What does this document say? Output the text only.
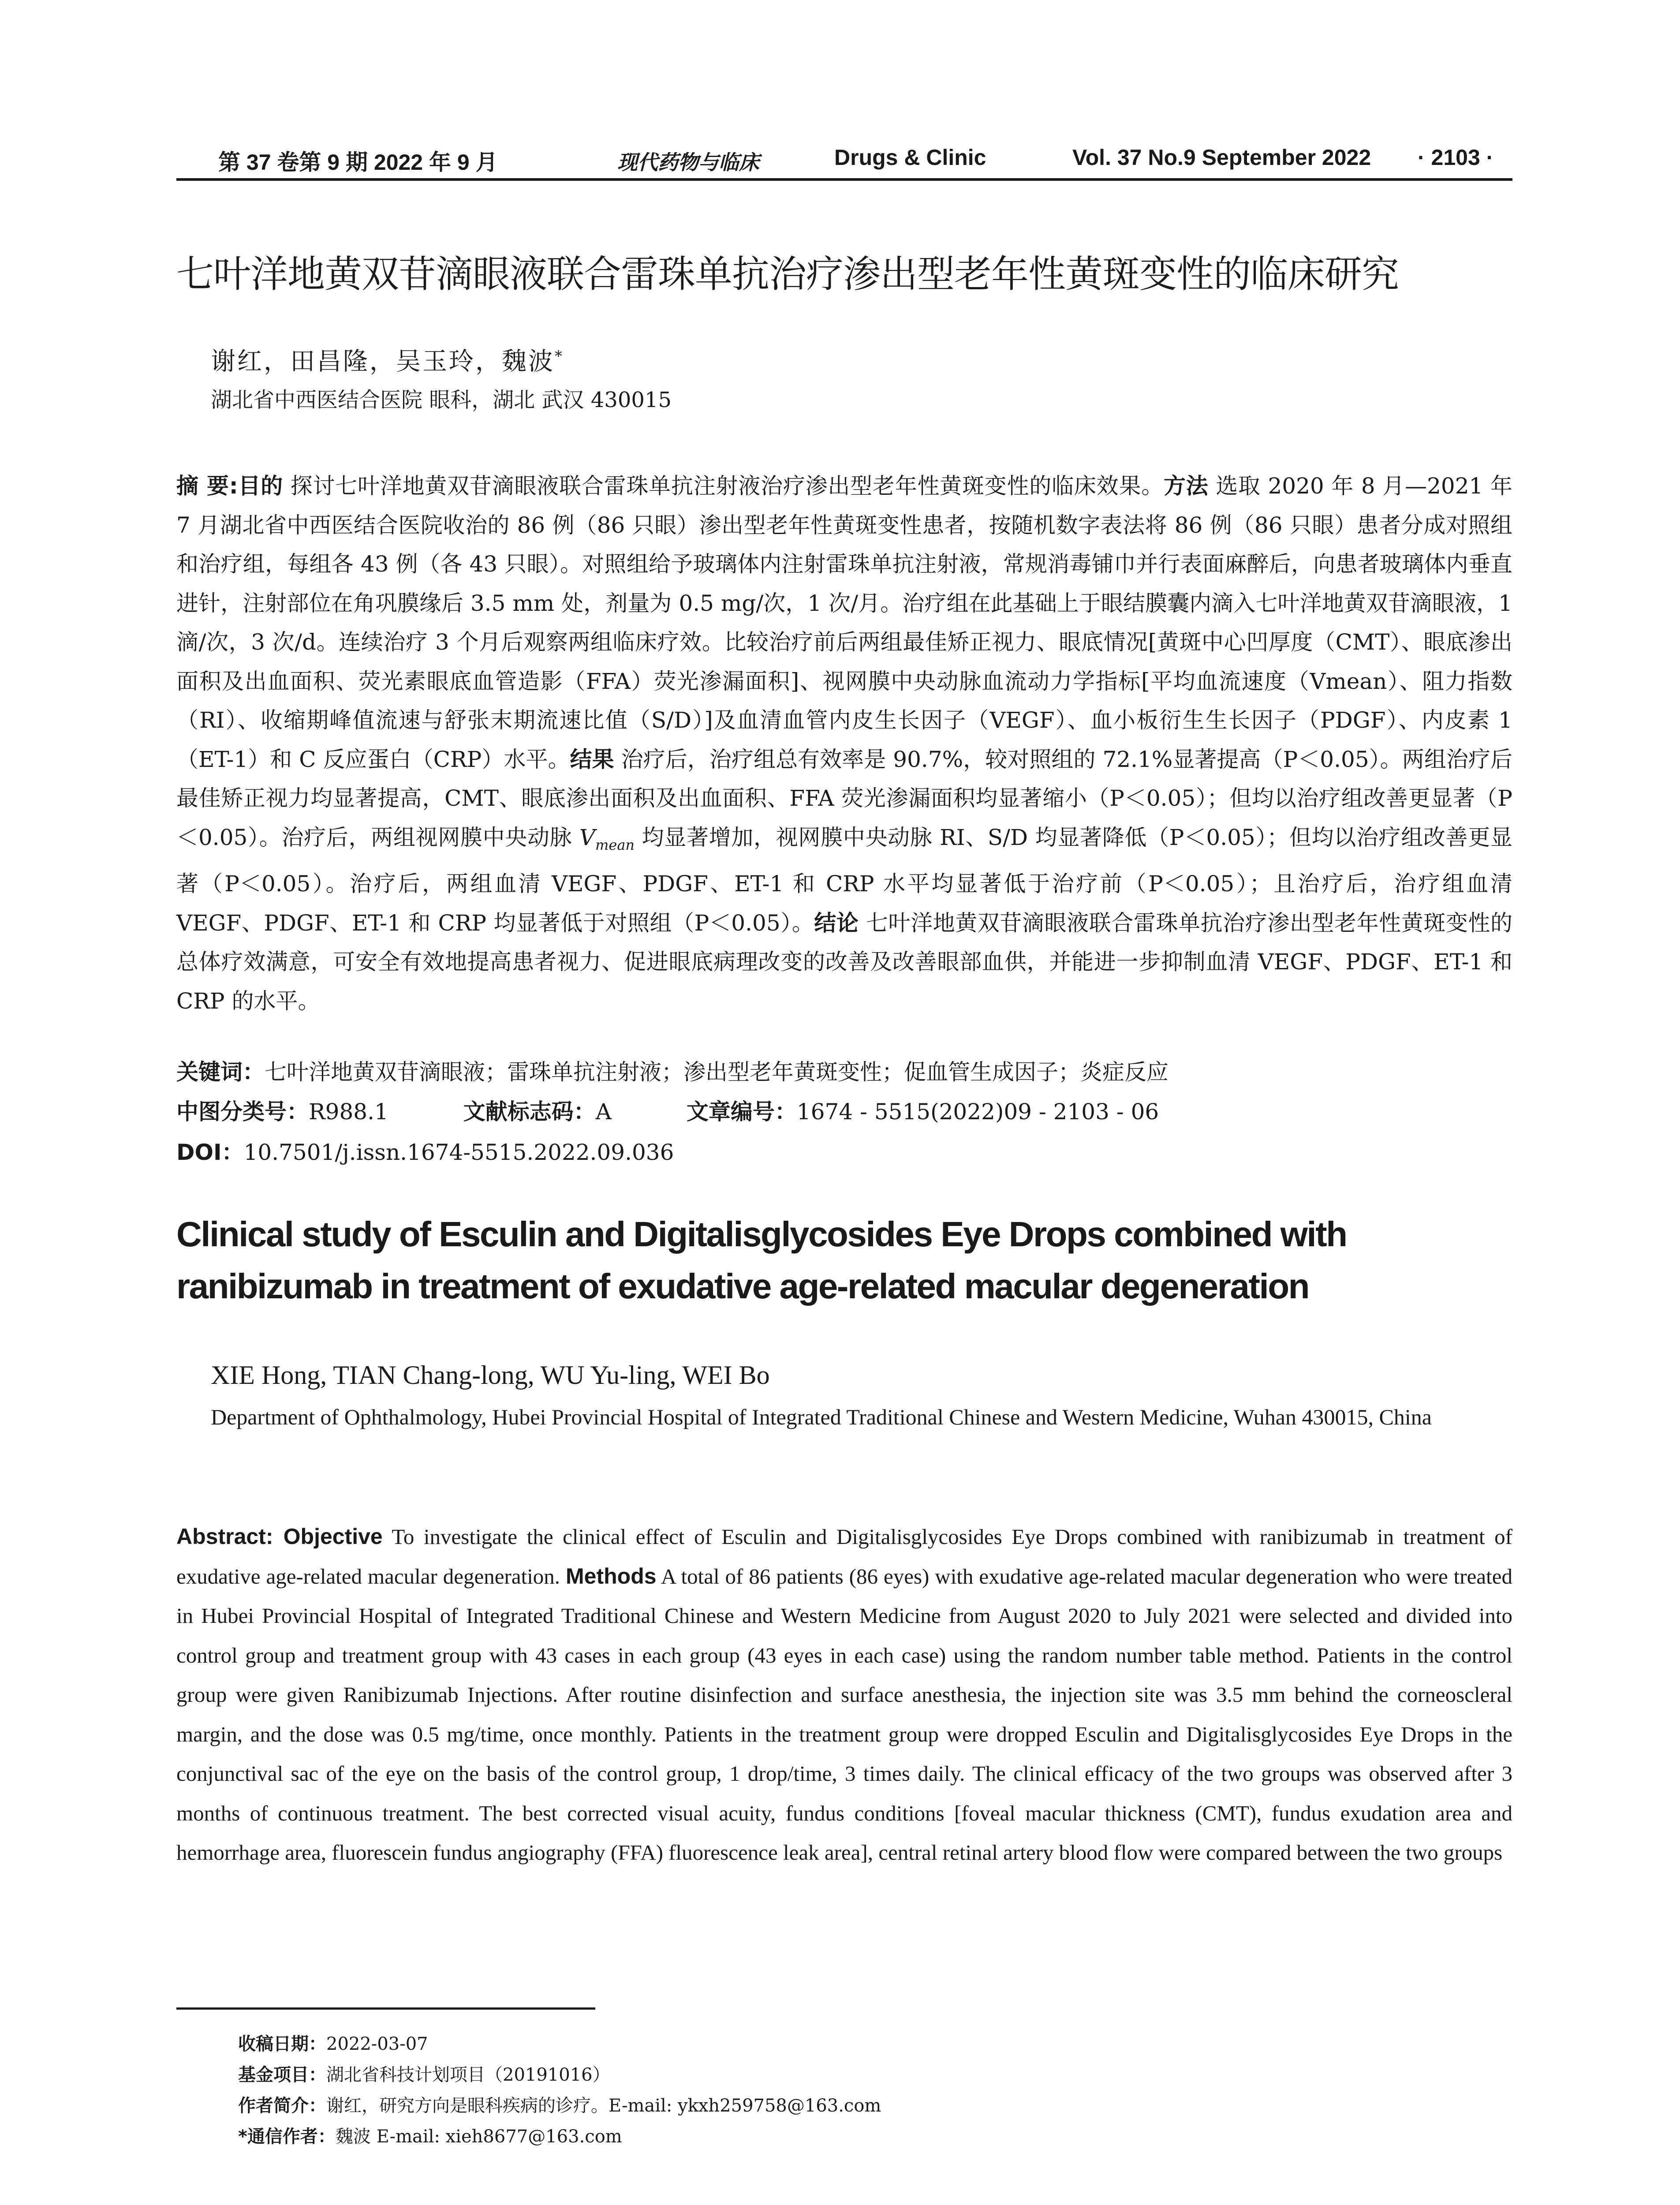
第 37 卷第 9 期 2022 年 9 月	现代药物与临床	Drugs & Clinic	Vol. 37 No.9 September 2022 · 2103 ·
七叶洋地黄双苷滴眼液联合雷珠单抗治疗渗出型老年性黄斑变性的临床研究
谢红，田昌隆，吴玉玲，魏波*
湖北省中西医结合医院 眼科，湖北 武汉 430015
摘 要:目的 探讨七叶洋地黄双苷滴眼液联合雷珠单抗注射液治疗渗出型老年性黄斑变性的临床效果。方法 选取 2020 年 8 月—2021 年 7 月湖北省中西医结合医院收治的 86 例（86 只眼）渗出型老年性黄斑变性患者，按随机数字表法将 86 例（86 只眼）患者分成对照组和治疗组，每组各 43 例（各 43 只眼）。对照组给予玻璃体内注射雷珠单抗注射液，常规消毒铺巾并行表面麻醉后，向患者玻璃体内垂直进针，注射部位在角巩膜缘后 3.5 mm 处，剂量为 0.5 mg/次，1 次/月。治疗组在此基础上于眼结膜囊内滴入七叶洋地黄双苷滴眼液，1 滴/次，3 次/d。连续治疗 3 个月后观察两组临床疗效。比较治疗前后两组最佳矫正视力、眼底情况[黄斑中心凹厚度（CMT）、眼底渗出面积及出血面积、荧光素眼底血管造影（FFA）荧光渗漏面积]、视网膜中央动脉血流动力学指标[平均血流速度（Vmean）、阻力指数（RI）、收缩期峰值流速与舒张末期流速比值（S/D）]及血清血管内皮生长因子（VEGF）、血小板衍生生长因子（PDGF）、内皮素 1（ET-1）和 C 反应蛋白（CRP）水平。结果 治疗后，治疗组总有效率是 90.7%，较对照组的 72.1%显著提高（P＜0.05）。两组治疗后最佳矫正视力均显著提高，CMT、眼底渗出面积及出血面积、FFA 荧光渗漏面积均显著缩小（P＜0.05）；但均以治疗组改善更显著（P＜0.05）。治疗后，两组视网膜中央动脉 $V_{mean}$ 均显著增加，视网膜中央动脉 RI、S/D 均显著降低（P＜0.05）；但均以治疗组改善更显著（P＜0.05）。治疗后，两组血清 VEGF、PDGF、ET-1 和 CRP 水平均显著低于治疗前（P＜0.05）；且治疗后，治疗组血清 VEGF、PDGF、ET-1 和 CRP 均显著低于对照组（P＜0.05）。结论 七叶洋地黄双苷滴眼液联合雷珠单抗治疗渗出型老年性黄斑变性的总体疗效满意，可安全有效地提高患者视力、促进眼底病理改变的改善及改善眼部血供，并能进一步抑制血清 VEGF、PDGF、ET-1 和 CRP 的水平。
关键词：七叶洋地黄双苷滴眼液；雷珠单抗注射液；渗出型老年黄斑变性；促血管生成因子；炎症反应
中图分类号：R988.1	文献标志码：A	文章编号：1674 - 5515(2022)09 - 2103 - 06
DOI：10.7501/j.issn.1674-5515.2022.09.036
Clinical study of Esculin and Digitalisglycosides Eye Drops combined with ranibizumab in treatment of exudative age-related macular degeneration
XIE Hong, TIAN Chang-long, WU Yu-ling, WEI Bo
Department of Ophthalmology, Hubei Provincial Hospital of Integrated Traditional Chinese and Western Medicine, Wuhan 430015, China
Abstract: Objective To investigate the clinical effect of Esculin and Digitalisglycosides Eye Drops combined with ranibizumab in treatment of exudative age-related macular degeneration. Methods A total of 86 patients (86 eyes) with exudative age-related macular degeneration who were treated in Hubei Provincial Hospital of Integrated Traditional Chinese and Western Medicine from August 2020 to July 2021 were selected and divided into control group and treatment group with 43 cases in each group (43 eyes in each case) using the random number table method. Patients in the control group were given Ranibizumab Injections. After routine disinfection and surface anesthesia, the injection site was 3.5 mm behind the corneoscleral margin, and the dose was 0.5 mg/time, once monthly. Patients in the treatment group were dropped Esculin and Digitalisglycosides Eye Drops in the conjunctival sac of the eye on the basis of the control group, 1 drop/time, 3 times daily. The clinical efficacy of the two groups was observed after 3 months of continuous treatment. The best corrected visual acuity, fundus conditions [foveal macular thickness (CMT), fundus exudation area and hemorrhage area, fluorescein fundus angiography (FFA) fluorescence leak area], central retinal artery blood flow were compared between the two groups
收稿日期：2022-03-07
基金项目：湖北省科技计划项目（20191016）
作者简介：谢红，研究方向是眼科疾病的诊疗。E-mail: ykxh259758@163.com
*通信作者：魏波 E-mail: xieh8677@163.com
